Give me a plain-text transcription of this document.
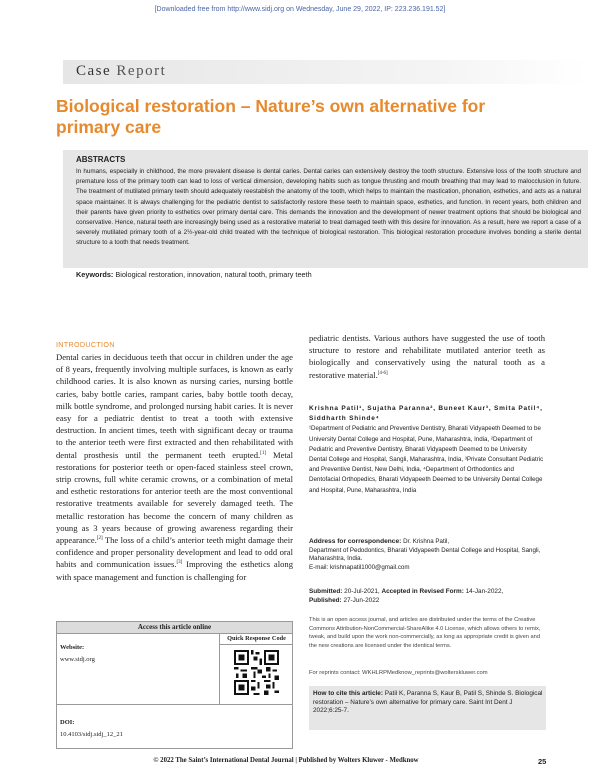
[Downloaded free from http://www.sidj.org on Wednesday, June 29, 2022, IP: 223.236.191.52]
Case Report
Biological restoration – Nature’s own alternative for primary care
ABSTRACTS
In humans, especially in childhood, the more prevalent disease is dental caries. Dental caries can extensively destroy the tooth structure. Extensive loss of the tooth structure and premature loss of the primary tooth can lead to loss of vertical dimension, developing habits such as tongue thrusting and mouth breathing that may lead to malocclusion in future. The treatment of mutilated primary teeth should adequately reestablish the anatomy of the tooth, which helps to maintain the mastication, phonation, esthetics, and acts as a natural space maintainer. It is always challenging for the pediatric dentist to satisfactorily restore these teeth to maintain space, esthetics, and function. In recent years, both children and their parents have given priority to esthetics over primary dental care. This demands the innovation and the development of newer treatment options that should be biological and conservative. Hence, natural teeth are increasingly being used as a restorative material to treat damaged teeth with this desire for innovation. As a result, here we report a case of a severely mutilated primary tooth of a 2½-year-old child treated with the technique of biological restoration. This biological restoration procedure involves bonding a sterile dental structure to a tooth that needs treatment.
Keywords: Biological restoration, innovation, natural tooth, primary teeth
INTRODUCTION
Dental caries in deciduous teeth that occur in children under the age of 8 years, frequently involving multiple surfaces, is known as early childhood caries. It is also known as nursing caries, nursing bottle caries, baby bottle caries, rampant caries, baby bottle tooth decay, milk bottle syndrome, and prolonged nursing habit caries. It is never easy for a pediatric dentist to treat a tooth with extensive destruction. In ancient times, teeth with significant decay or trauma to the anterior teeth were first extracted and then rehabilitated with dental prosthesis until the permanent teeth erupted.[1] Metal restorations for posterior teeth or open-faced stainless steel crown, strip crowns, full white ceramic crowns, or a combination of metal and esthetic restorations for anterior teeth are the most conventional restorative treatments available for severely damaged teeth. The metallic restoration has become the concern of many children as young as 3 years because of growing awareness regarding their appearance.[2] The loss of a child’s anterior teeth might damage their confidence and proper personality development and lead to odd oral habits and communication issues.[3] Improving the esthetics along with space management and function is challenging for
pediatric dentists. Various authors have suggested the use of tooth structure to restore and rehabilitate mutilated anterior teeth as biologically and conservatively using the natural tooth as a restorative material.[4-6]
Krishna Patil¹, Sujatha Paranna², Buneet Kaur³, Smita Patil⁴, Siddharth Shinde⁴
¹Department of Pediatric and Preventive Dentistry, Bharati Vidyapeeth Deemed to be University Dental College and Hospital, Pune, Maharashtra, India, ²Department of Pediatric and Preventive Dentistry, Bharati Vidyapeeth Deemed to be University Dental College and Hospital, Sangli, Maharashtra, India, ³Private Consultant Pediatric and Preventive Dentist, New Delhi, India, ⁴Department of Orthodontics and Dentofacial Orthopedics, Bharati Vidyapeeth Deemed to be University Dental College and Hospital, Pune, Maharashtra, India
Address for correspondence: Dr. Krishna Patil,
Department of Pedodontics, Bharati Vidyapeeth Dental College and Hospital, Sangli, Maharashtra, India.
E-mail: krishnapatil1000@gmail.com
Submitted: 20-Jul-2021, Accepted in Revised Form: 14-Jan-2022,
Published: 27-Jun-2022
Access this article online
Quick Response Code
Website:
www.sidj.org
DOI:
10.4103/sidj.sidj_12_21
This is an open access journal, and articles are distributed under the terms of the Creative Commons Attribution-NonCommercial-ShareAlike 4.0 License, which allows others to remix, tweak, and build upon the work non-commercially, as long as appropriate credit is given and the new creations are licensed under the identical terms.
For reprints contact: WKHLRPMedknow_reprints@wolterskluwer.com
How to cite this article: Patil K, Paranna S, Kaur B, Patil S, Shinde S. Biological restoration – Nature’s own alternative for primary care. Saint Int Dent J 2022;6:25-7.
© 2022 The Saint’s International Dental Journal | Published by Wolters Kluwer - Medknow	25
